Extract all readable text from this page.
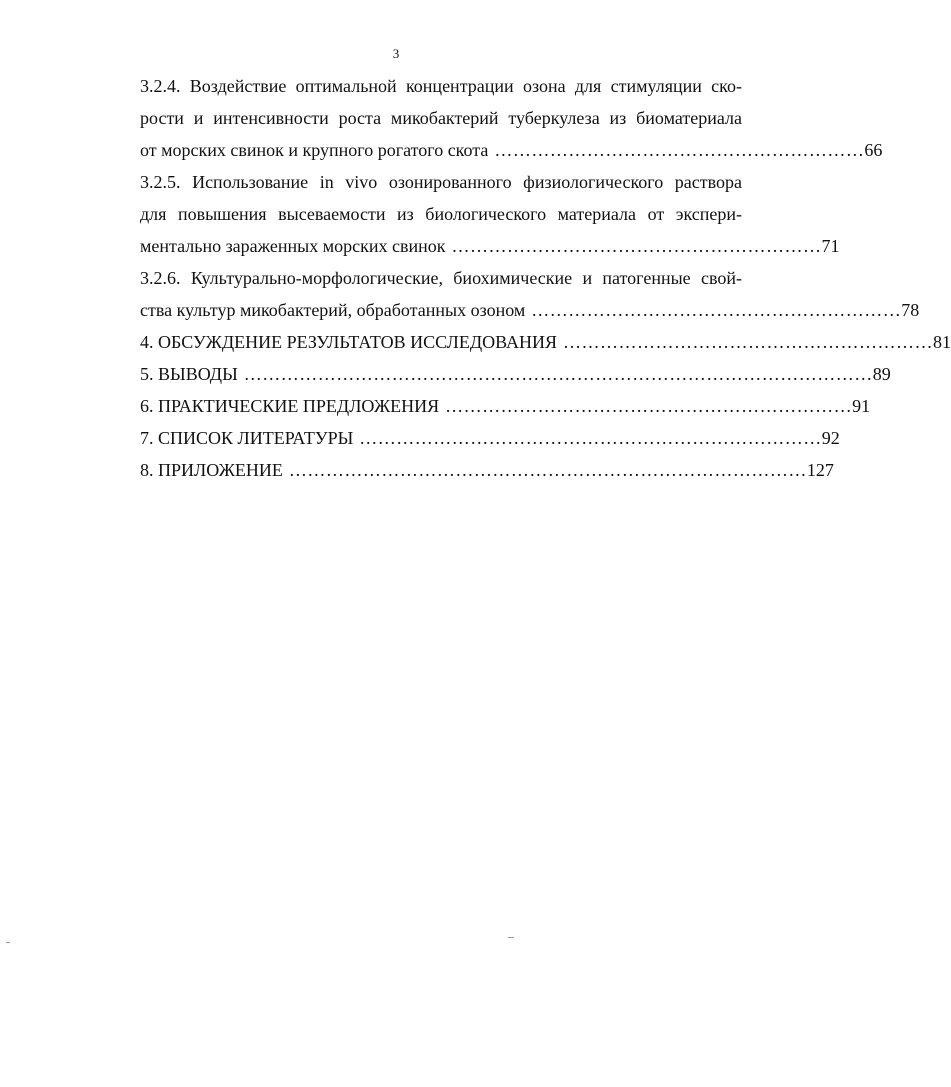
3
3.2.4. Воздействие оптимальной концентрации озона для стимуляции ско-
рости и интенсивности роста микобактерий туберкулеза из биоматериала
от морских свинок и крупного рогатого скота …………………………………………………… 66
3.2.5. Использование in vivo озонированного физиологического раствора
для повышения высеваемости из биологического материала от экспери-
ментально зараженных морских свинок …………………………………………………… 71
3.2.6. Культурально-морфологические, биохимические и патогенные свой-
ства культур микобактерий, обработанных озоном …………………………………………………… 78
4. ОБСУЖДЕНИЕ РЕЗУЛЬТАТОВ ИССЛЕДОВАНИЯ …………………………………………………… 81
5. ВЫВОДЫ ………………………………………………………………………………………… 89
6. ПРАКТИЧЕСКИЕ ПРЕДЛОЖЕНИЯ ………………………………………………………… 91
7. СПИСОК ЛИТЕРАТУРЫ ………………………………………………………………… 92
8. ПРИЛОЖЕНИЕ ………………………………………………………………………… 127
